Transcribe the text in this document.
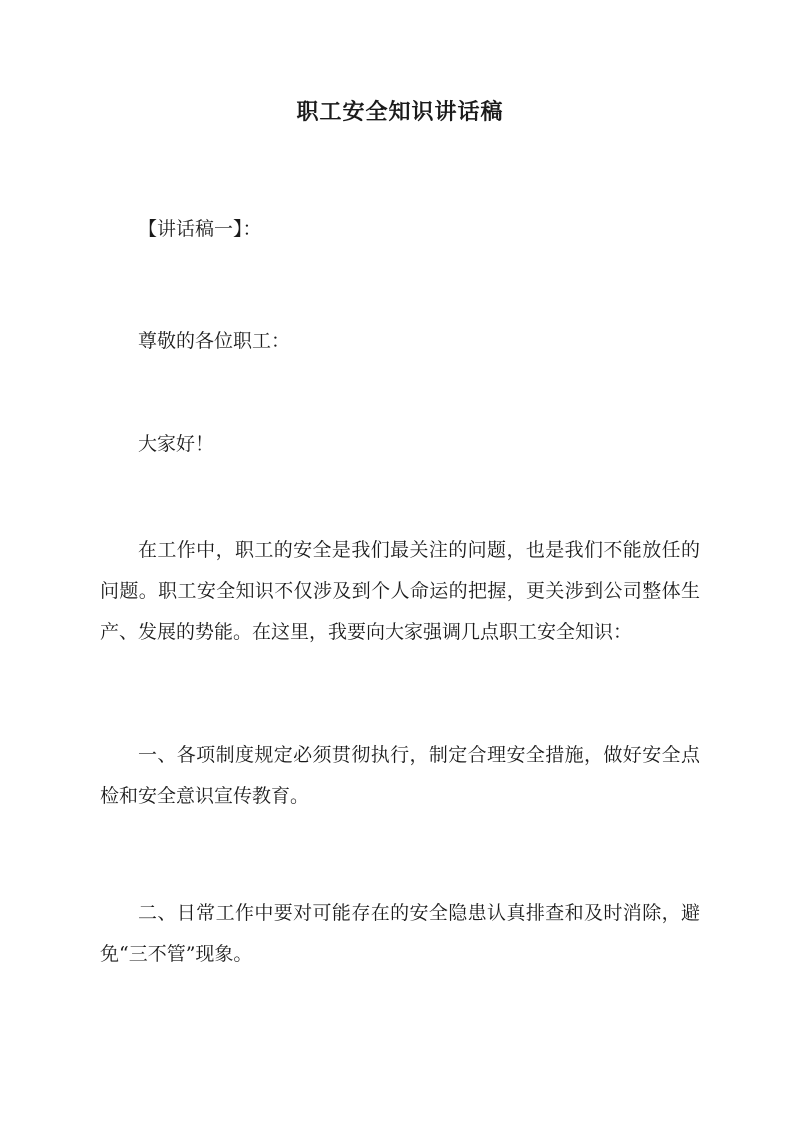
职工安全知识讲话稿

【讲话稿一】：

尊敬的各位职工：

大家好！

在工作中，职工的安全是我们最关注的问题，也是我们不能放任的问题。职工安全知识不仅涉及到个人命运的把握，更关涉到公司整体生产、发展的势能。在这里，我要向大家强调几点职工安全知识：

一、各项制度规定必须贯彻执行，制定合理安全措施，做好安全点检和安全意识宣传教育。

二、日常工作中要对可能存在的安全隐患认真排查和及时消除，避免“三不管”现象。
